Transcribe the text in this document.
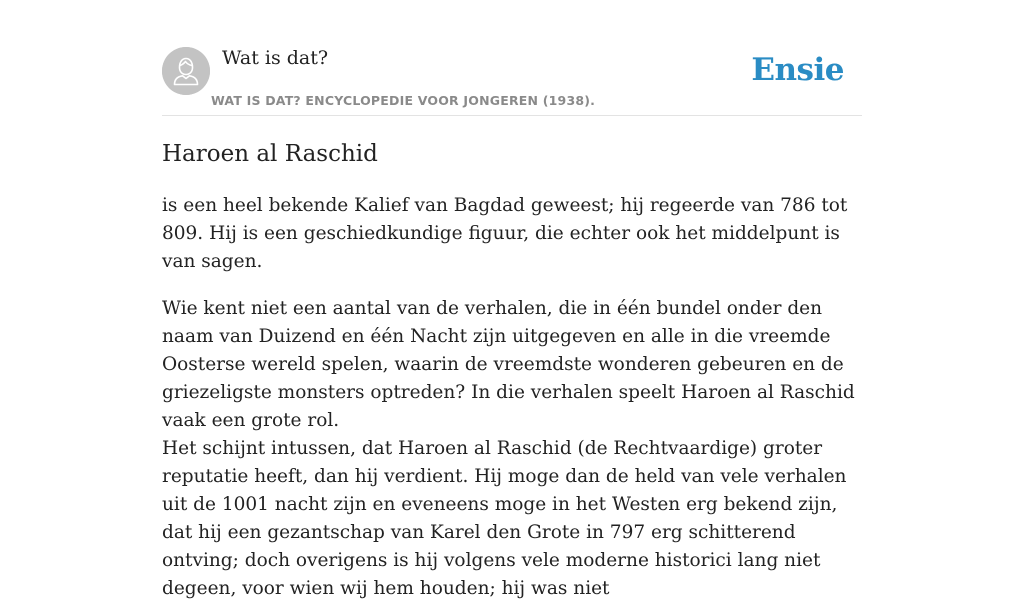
Wat is dat?
WAT IS DAT? ENCYCLOPEDIE VOOR JONGEREN (1938).
Ensie
Haroen al Raschid

is een heel bekende Kalief van Bagdad geweest; hij regeerde van 786 tot 809. Hij is een geschiedkundige figuur, die echter ook het middelpunt is van sagen.

Wie kent niet een aantal van de verhalen, die in één bundel onder den naam van Duizend en één Nacht zijn uitgegeven en alle in die vreemde Oosterse wereld spelen, waarin de vreemdste wonderen gebeuren en de griezeligste monsters optreden? In die verhalen speelt Haroen al Raschid vaak een grote rol.
Het schijnt intussen, dat Haroen al Raschid (de Rechtvaardige) groter reputatie heeft, dan hij verdient. Hij moge dan de held van vele verhalen uit de 1001 nacht zijn en eveneens moge in het Westen erg bekend zijn, dat hij een gezantschap van Karel den Grote in 797 erg schitterend ontving; doch overigens is hij volgens vele moderne historici lang niet degeen, voor wien wij hem houden; hij was niet
